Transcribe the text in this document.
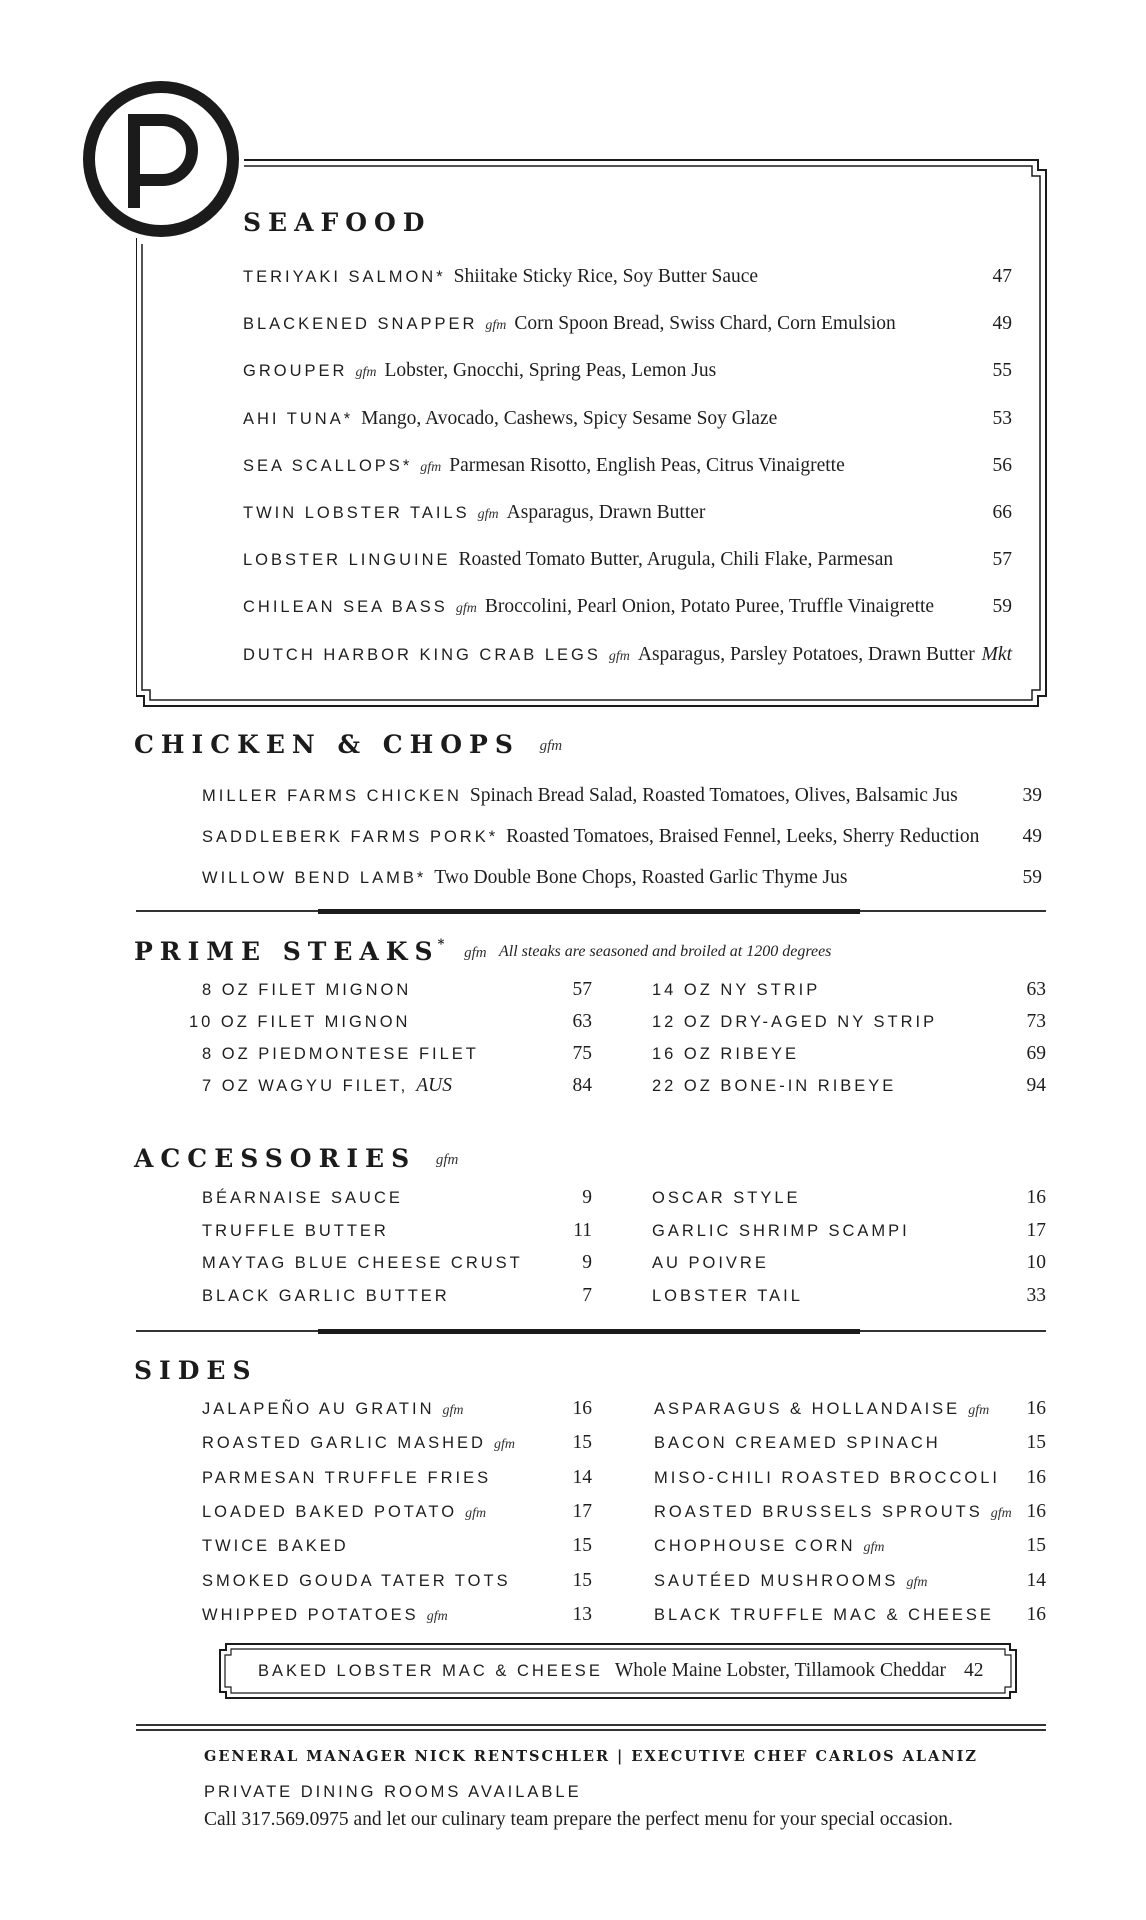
SEAFOOD
TERIYAKI SALMON* Shiitake Sticky Rice, Soy Butter Sauce	47
BLACKENED SNAPPER gfm Corn Spoon Bread, Swiss Chard, Corn Emulsion	49
GROUPER gfm Lobster, Gnocchi, Spring Peas, Lemon Jus	55
AHI TUNA* Mango, Avocado, Cashews, Spicy Sesame Soy Glaze	53
SEA SCALLOPS* gfm Parmesan Risotto, English Peas, Citrus Vinaigrette	56
TWIN LOBSTER TAILS gfm Asparagus, Drawn Butter	66
LOBSTER LINGUINE Roasted Tomato Butter, Arugula, Chili Flake, Parmesan	57
CHILEAN SEA BASS gfm Broccolini, Pearl Onion, Potato Puree, Truffle Vinaigrette	59
DUTCH HARBOR KING CRAB LEGS gfm Asparagus, Parsley Potatoes, Drawn Butter Mkt
CHICKEN & CHOPS gfm
MILLER FARMS CHICKEN Spinach Bread Salad, Roasted Tomatoes, Olives, Balsamic Jus	39
SADDLEBERK FARMS PORK* Roasted Tomatoes, Braised Fennel, Leeks, Sherry Reduction	49
WILLOW BEND LAMB* Two Double Bone Chops, Roasted Garlic Thyme Jus	59
PRIME STEAKS* gfm All steaks are seasoned and broiled at 1200 degrees
8 OZ FILET MIGNON	57
10 OZ FILET MIGNON	63
8 OZ PIEDMONTESE FILET	75
7 OZ WAGYU FILET, AUS	84
14 OZ NY STRIP	63
12 OZ DRY-AGED NY STRIP	73
16 OZ RIBEYE	69
22 OZ BONE-IN RIBEYE	94
ACCESSORIES gfm
BÉARNAISE SAUCE	9
TRUFFLE BUTTER	11
MAYTAG BLUE CHEESE CRUST	9
BLACK GARLIC BUTTER	7
OSCAR STYLE	16
GARLIC SHRIMP SCAMPI	17
AU POIVRE	10
LOBSTER TAIL	33
SIDES
JALAPEÑO AU GRATIN gfm	16
ROASTED GARLIC MASHED gfm	15
PARMESAN TRUFFLE FRIES	14
LOADED BAKED POTATO gfm	17
TWICE BAKED	15
SMOKED GOUDA TATER TOTS	15
WHIPPED POTATOES gfm	13
ASPARAGUS & HOLLANDAISE gfm	16
BACON CREAMED SPINACH	15
MISO-CHILI ROASTED BROCCOLI	16
ROASTED BRUSSELS SPROUTS gfm 16
CHOPHOUSE CORN gfm	15
SAUTÉED MUSHROOMS gfm	14
BLACK TRUFFLE MAC & CHEESE	16
BAKED LOBSTER MAC & CHEESE Whole Maine Lobster, Tillamook Cheddar 42
GENERAL MANAGER NICK RENTSCHLER | EXECUTIVE CHEF CARLOS ALANIZ
PRIVATE DINING ROOMS AVAILABLE
Call 317.569.0975 and let our culinary team prepare the perfect menu for your special occasion.
